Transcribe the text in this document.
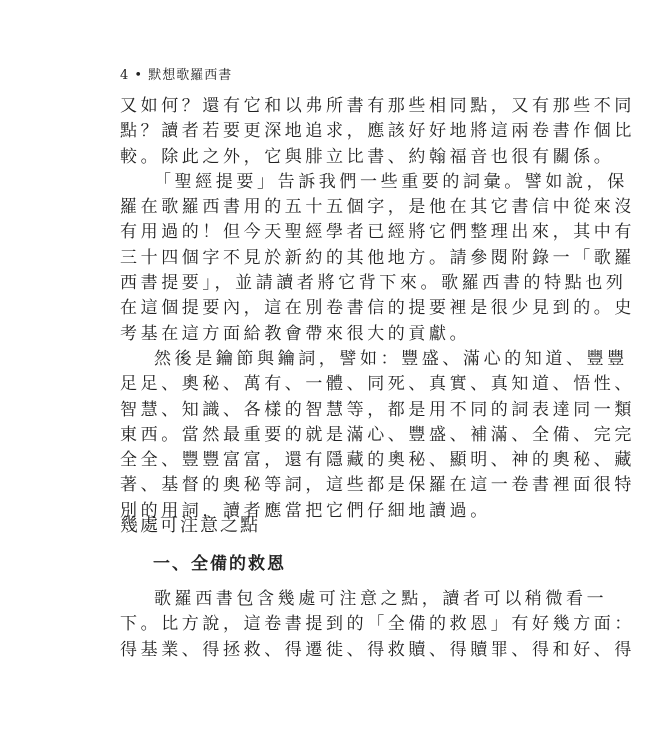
4 • 默想歌羅西書
又如何？還有它和以弗所書有那些相同點，又有那些不同
點？讀者若要更深地追求，應該好好地將這兩卷書作個比
較。除此之外，它與腓立比書、約翰福音也很有關係。
「聖經提要」告訴我們一些重要的詞彙。譬如說，保
羅在歌羅西書用的五十五個字，是他在其它書信中從來沒
有用過的！但今天聖經學者已經將它們整理出來，其中有
三十四個字不見於新約的其他地方。請參閱附錄一「歌羅
西書提要」，並請讀者將它背下來。歌羅西書的特點也列
在這個提要內，這在別卷書信的提要裡是很少見到的。史
考基在這方面給教會帶來很大的貢獻。
然後是鑰節與鑰詞，譬如：豐盛、滿心的知道、豐豐
足足、奧秘、萬有、一體、同死、真實、真知道、悟性、
智慧、知識、各樣的智慧等，都是用不同的詞表達同一類
東西。當然最重要的就是滿心、豐盛、補滿、全備、完完
全全、豐豐富富，還有隱藏的奧秘、顯明、神的奧秘、藏
著、基督的奧秘等詞，這些都是保羅在這一卷書裡面很特
別的用詞，讀者應當把它們仔細地讀過。
幾處可注意之點
一、全備的救恩
歌羅西書包含幾處可注意之點，讀者可以稍微看一
下。比方說，這卷書提到的「全備的救恩」有好幾方面：
得基業、得拯救、得遷徙、得救贖、得贖罪、得和好、得
